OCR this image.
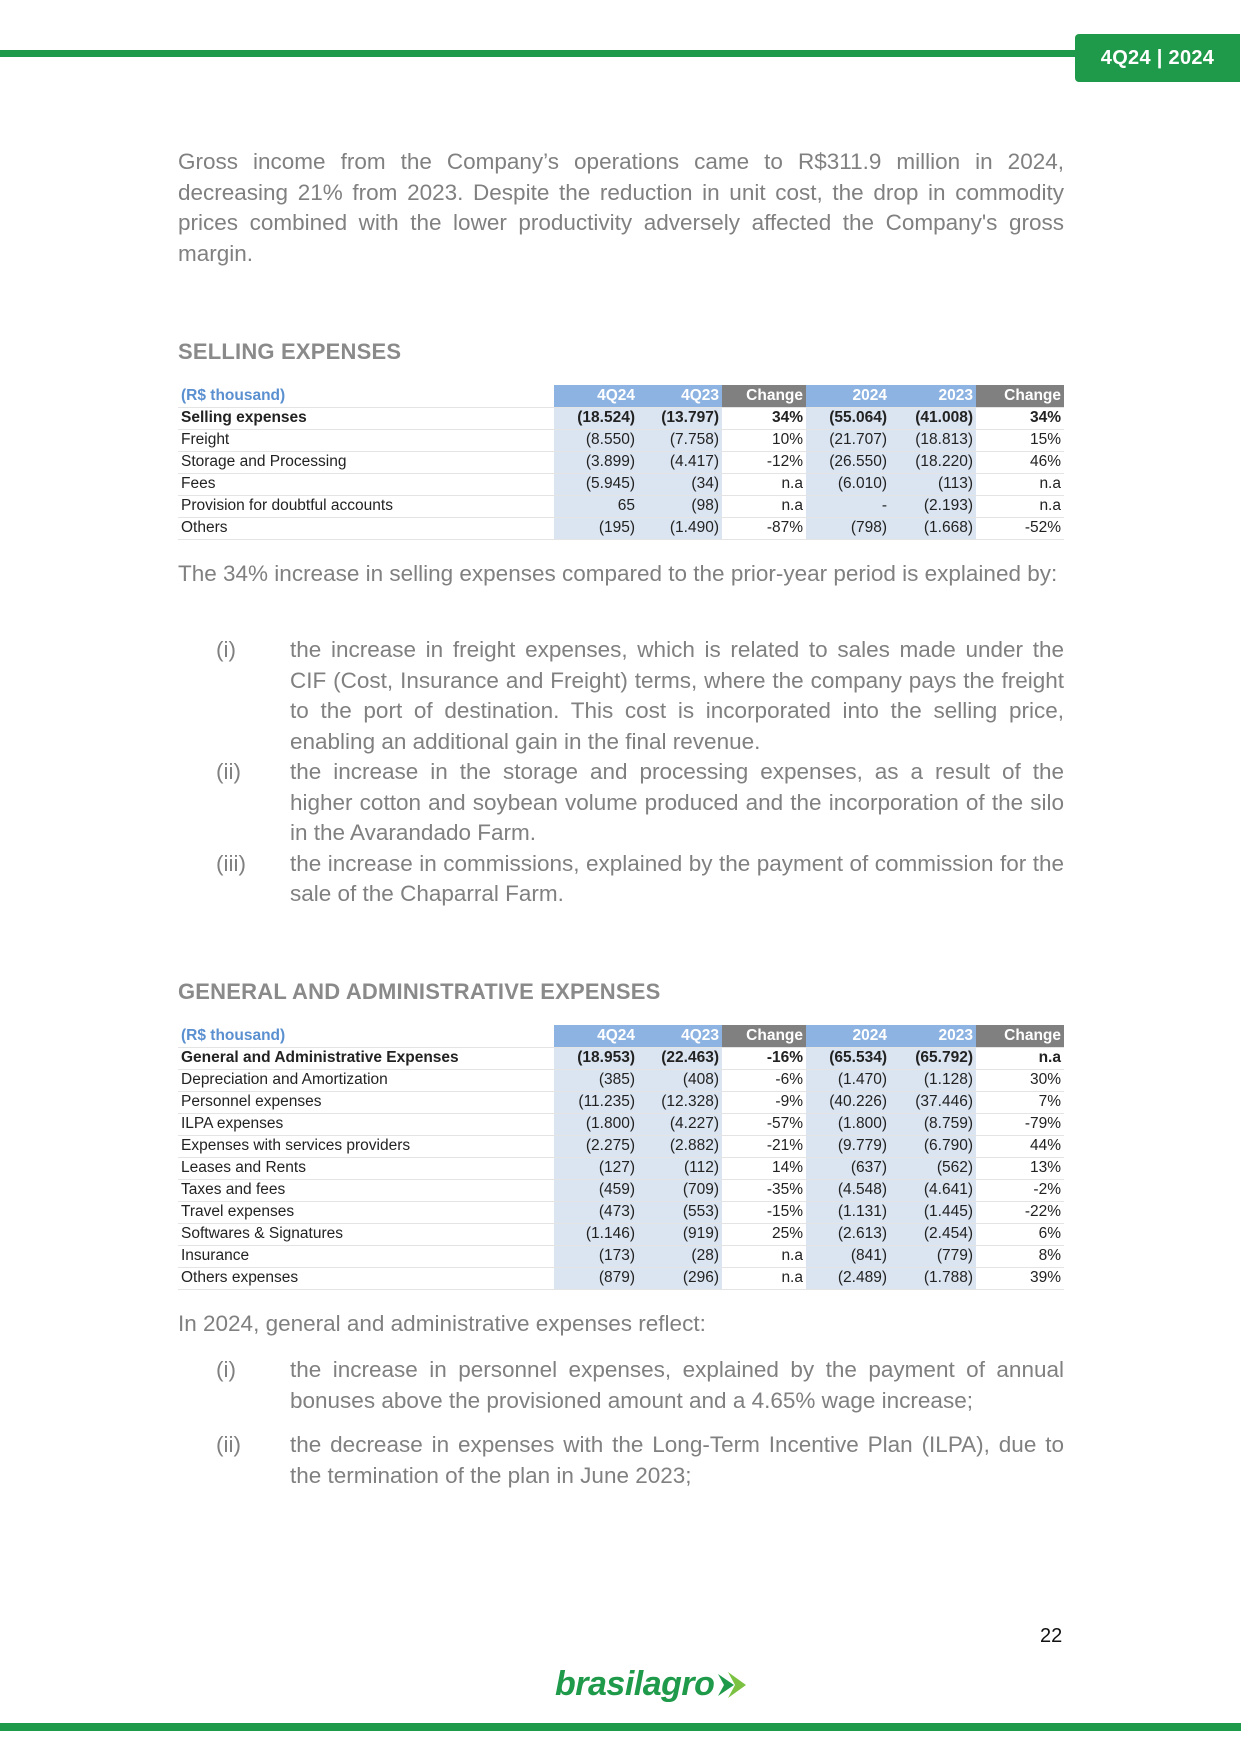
4Q24 | 2024

Gross income from the Company’s operations came to R$311.9 million in 2024, decreasing 21% from 2023. Despite the reduction in unit cost, the drop in commodity prices combined with the lower productivity adversely affected the Company's gross margin.

SELLING EXPENSES
(R$ thousand)	4Q24	4Q23	Change	2024	2023	Change
Selling expenses	(18.524)	(13.797)	34%	(55.064)	(41.008)	34%
Freight	(8.550)	(7.758)	10%	(21.707)	(18.813)	15%
Storage and Processing	(3.899)	(4.417)	-12%	(26.550)	(18.220)	46%
Fees	(5.945)	(34)	n.a	(6.010)	(113)	n.a
Provision for doubtful accounts	65	(98)	n.a	-	(2.193)	n.a
Others	(195)	(1.490)	-87%	(798)	(1.668)	-52%

The 34% increase in selling expenses compared to the prior-year period is explained by:

(i)	the increase in freight expenses, which is related to sales made under the CIF (Cost, Insurance and Freight) terms, where the company pays the freight to the port of destination. This cost is incorporated into the selling price, enabling an additional gain in the final revenue.
(ii)	the increase in the storage and processing expenses, as a result of the higher cotton and soybean volume produced and the incorporation of the silo in the Avarandado Farm.
(iii)	the increase in commissions, explained by the payment of commission for the sale of the Chaparral Farm.
GENERAL AND ADMINISTRATIVE EXPENSES
(R$ thousand)	4Q24	4Q23	Change	2024	2023	Change
General and Administrative Expenses	(18.953)	(22.463)	-16%	(65.534)	(65.792)	n.a
Depreciation and Amortization	(385)	(408)	-6%	(1.470)	(1.128)	30%
Personnel expenses	(11.235)	(12.328)	-9%	(40.226)	(37.446)	7%
ILPA expenses	(1.800)	(4.227)	-57%	(1.800)	(8.759)	-79%
Expenses with services providers	(2.275)	(2.882)	-21%	(9.779)	(6.790)	44%
Leases and Rents	(127)	(112)	14%	(637)	(562)	13%
Taxes and fees	(459)	(709)	-35%	(4.548)	(4.641)	-2%
Travel expenses	(473)	(553)	-15%	(1.131)	(1.445)	-22%
Softwares & Signatures	(1.146)	(919)	25%	(2.613)	(2.454)	6%
Insurance	(173)	(28)	n.a	(841)	(779)	8%
Others expenses	(879)	(296)	n.a	(2.489)	(1.788)	39%

In 2024, general and administrative expenses reflect:

(i)	the increase in personnel expenses, explained by the payment of annual bonuses above the provisioned amount and a 4.65% wage increase;
(ii)	the decrease in expenses with the Long-Term Incentive Plan (ILPA), due to the termination of the plan in June 2023;
22
brasilagro
